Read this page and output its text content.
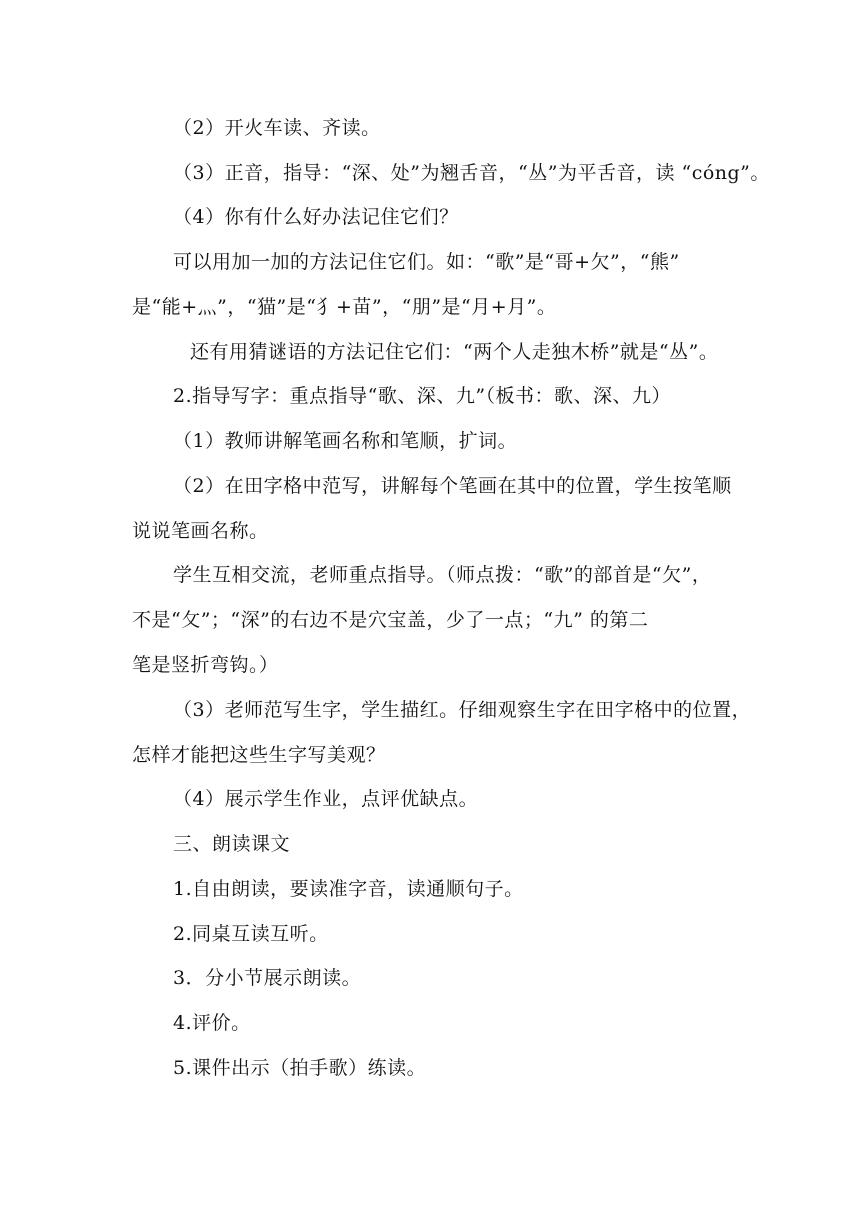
（2）开火车读、齐读。
（3）正音，指导：“深、处”为翘舌音，“丛”为平舌音，读 “cóng”。
（4）你有什么好办法记住它们？
可以用加一加的方法记住它们。如：“歌”是“哥+欠”，“熊”
是“能+灬”，“猫”是“犭+苗”，“朋”是“月+月”。
还有用猜谜语的方法记住它们：“两个人走独木桥”就是“丛”。
2.指导写字：重点指导“歌、深、九”（板书：歌、深、九）
（1）教师讲解笔画名称和笔顺，扩词。
（2）在田字格中范写，讲解每个笔画在其中的位置，学生按笔顺
说说笔画名称。
学生互相交流，老师重点指导。（师点拨：“歌”的部首是“欠”，
不是“攵”；“深”的右边不是穴宝盖，少了一点；“九” 的第二
笔是竖折弯钩。）
（3）老师范写生字，学生描红。仔细观察生字在田字格中的位置，
怎样才能把这些生字写美观？
（4）展示学生作业，点评优缺点。
三、朗读课文
1.自由朗读，要读准字音，读通顺句子。
2.同桌互读互听。
3．分小节展示朗读。
4.评价。
5.课件出示（拍手歌）练读。
